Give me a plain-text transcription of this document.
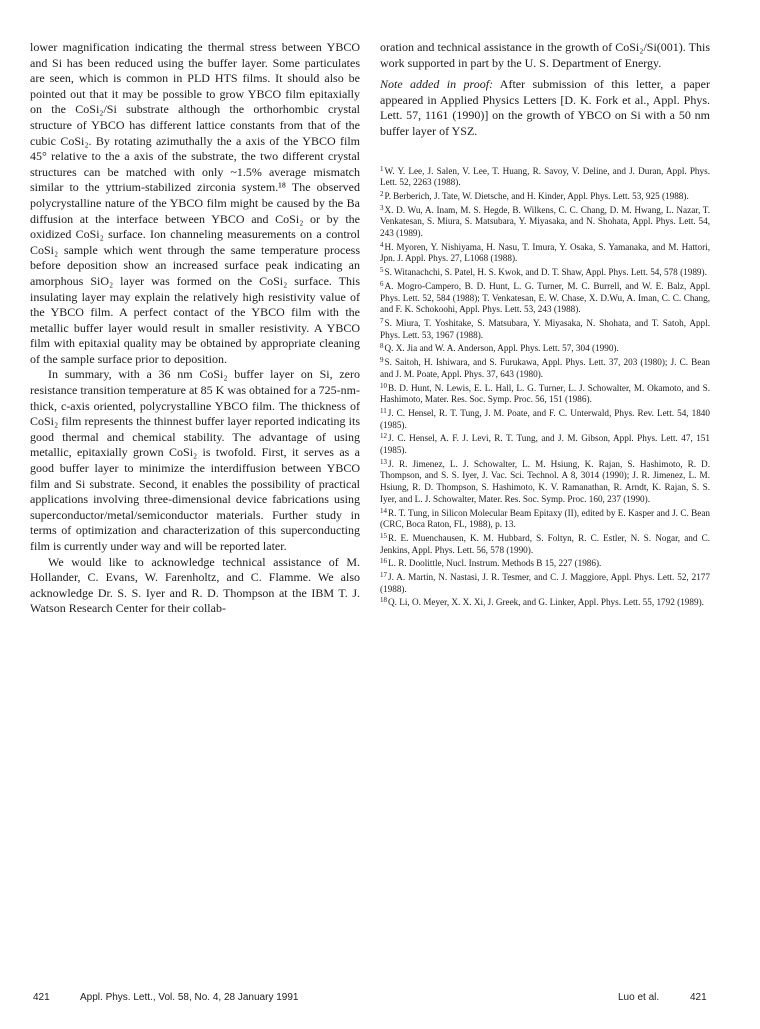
lower magnification indicating the thermal stress between YBCO and Si has been reduced using the buffer layer. Some particulates are seen, which is common in PLD HTS films. It should also be pointed out that it may be possible to grow YBCO film epitaxially on the CoSi₂/Si substrate although the orthorhombic crystal structure of YBCO has different lattice constants from that of the cubic CoSi₂. By rotating azimuthally the a axis of the YBCO film 45° relative to the a axis of the substrate, the two different crystal structures can be matched with only ~1.5% average mismatch similar to the yttrium-stabilized zirconia system.¹⁸ The observed polycrystalline nature of the YBCO film might be caused by the Ba diffusion at the interface between YBCO and CoSi₂ or by the oxidized CoSi₂ surface. Ion channeling measurements on a control CoSi₂ sample which went through the same temperature process before deposition show an increased surface peak indicating an amorphous SiO₂ layer was formed on the CoSi₂ surface. This insulating layer may explain the relatively high resistivity value of the YBCO film. A perfect contact of the YBCO film with the metallic buffer layer would result in smaller resistivity. A YBCO film with epitaxial quality may be obtained by appropriate cleaning of the sample surface prior to deposition.

In summary, with a 36 nm CoSi₂ buffer layer on Si, zero resistance transition temperature at 85 K was obtained for a 725-nm-thick, c-axis oriented, polycrystalline YBCO film. The thickness of CoSi₂ film represents the thinnest buffer layer reported indicating its good thermal and chemical stability. The advantage of using metallic, epitaxially grown CoSi₂ is twofold. First, it serves as a good buffer layer to minimize the interdiffusion between YBCO film and Si substrate. Second, it enables the possibility of practical applications involving three-dimensional device fabrications using superconductor/metal/semiconductor materials. Further study in terms of optimization and characterization of this superconducting film is currently under way and will be reported later.

We would like to acknowledge technical assistance of M. Hollander, C. Evans, W. Farenholtz, and C. Flamme. We also acknowledge Dr. S. S. Iyer and R. D. Thompson at the IBM T. J. Watson Research Center for their collab-

oration and technical assistance in the growth of CoSi₂/Si(001). This work supported in part by the U. S. Department of Energy.

Note added in proof: After submission of this letter, a paper appeared in Applied Physics Letters [D. K. Fork et al., Appl. Phys. Lett. 57, 1161 (1990)] on the growth of YBCO on Si with a 50 nm buffer layer of YSZ.

$^1$W. Y. Lee, J. Salen, V. Lee, T. Huang, R. Savoy, V. Deline, and J. Duran, Appl. Phys. Lett. 52, 2263 (1988).

$^2$P. Berberich, J. Tate, W. Dietsche, and H. Kinder, Appl. Phys. Lett. 53, 925 (1988).

$^3$X. D. Wu, A. Inam, M. S. Hegde, B. Wilkens, C. C. Chang, D. M. Hwang, L. Nazar, T. Venkatesan, S. Miura, S. Matsubara, Y. Miyasaka, and N. Shohata, Appl. Phys. Lett. 54, 243 (1989).

$^4$H. Myoren, Y. Nishiyama, H. Nasu, T. Imura, Y. Osaka, S. Yamanaka, and M. Hattori, Jpn. J. Appl. Phys. 27, L1068 (1988).

$^5$S. Witanachchi, S. Patel, H. S. Kwok, and D. T. Shaw, Appl. Phys. Lett. 54, 578 (1989).

$^6$A. Mogro-Campero, B. D. Hunt, L. G. Turner, M. C. Burrell, and W. E. Balz, Appl. Phys. Lett. 52, 584 (1988); T. Venkatesan, E. W. Chase, X. D.Wu, A. Iman, C. C. Chang, and F. K. Schokoohi, Appl. Phys. Lett. 53, 243 (1988).

$^7$S. Miura, T. Yoshitake, S. Matsubara, Y. Miyasaka, N. Shohata, and T. Satoh, Appl. Phys. Lett. 53, 1967 (1988).

$^8$Q. X. Jia and W. A. Anderson, Appl. Phys. Lett. 57, 304 (1990).

$^9$S. Saitoh, H. Ishiwara, and S. Furukawa, Appl. Phys. Lett. 37, 203 (1980); J. C. Bean and J. M. Poate, Appl. Phys. 37, 643 (1980).

$^{10}$B. D. Hunt, N. Lewis, E. L. Hall, L. G. Turner, L. J. Schowalter, M. Okamoto, and S. Hashimoto, Mater. Res. Soc. Symp. Proc. 56, 151 (1986).

$^{11}$J. C. Hensel, R. T. Tung, J. M. Poate, and F. C. Unterwald, Phys. Rev. Lett. 54, 1840 (1985).

$^{12}$J. C. Hensel, A. F. J. Levi, R. T. Tung, and J. M. Gibson, Appl. Phys. Lett. 47, 151 (1985).

$^{13}$J. R. Jimenez, L. J. Schowalter, L. M. Hsiung, K. Rajan, S. Hashimoto, R. D. Thompson, and S. S. Iyer, J. Vac. Sci. Technol. A 8, 3014 (1990); J. R. Jimenez, L. M. Hsiung, R. D. Thompson, S. Hashimoto, K. V. Ramanathan, R. Arndt, K. Rajan, S. S. Iyer, and L. J. Schowalter, Mater. Res. Soc. Symp. Proc. 160, 237 (1990).

$^{14}$R. T. Tung, in Silicon Molecular Beam Epitaxy (II), edited by E. Kasper and J. C. Bean (CRC, Boca Raton, FL, 1988), p. 13.

$^{15}$R. E. Muenchausen, K. M. Hubbard, S. Foltyn, R. C. Estler, N. S. Nogar, and C. Jenkins, Appl. Phys. Lett. 56, 578 (1990).

$^{16}$L. R. Doolittle, Nucl. Instrum. Methods B 15, 227 (1986).

$^{17}$J. A. Martin, N. Nastasi, J. R. Tesmer, and C. J. Maggiore, Appl. Phys. Lett. 52, 2177 (1988).

$^{18}$Q. Li, O. Meyer, X. X. Xi, J. Greek, and G. Linker, Appl. Phys. Lett. 55, 1792 (1989).

421	Appl. Phys. Lett., Vol. 58, No. 4, 28 January 1991	Luo et al.	421
